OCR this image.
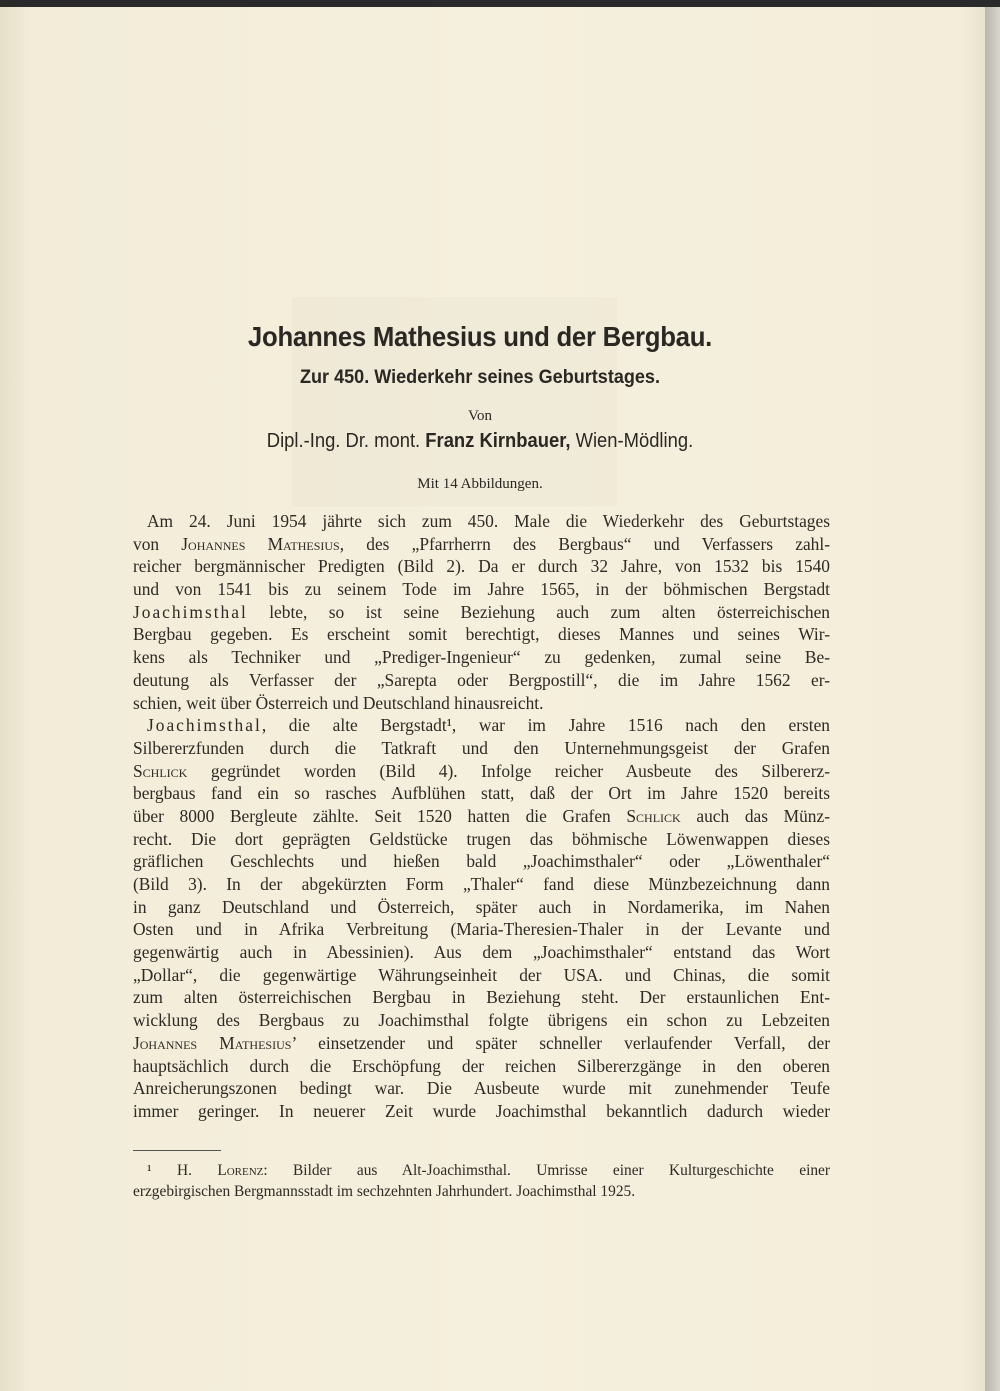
Johannes Mathesius und der Bergbau.
Zur 450. Wiederkehr seines Geburtstages.
Von
Dipl.-Ing. Dr. mont. Franz Kirnbauer, Wien-Mödling.
Mit 14 Abbildungen.
Am 24. Juni 1954 jährte sich zum 450. Male die Wiederkehr des Geburtstages
von Johannes Mathesius, des „Pfarrherrn des Bergbaus“ und Verfassers zahl-
reicher bergmännischer Predigten (Bild 2). Da er durch 32 Jahre, von 1532 bis 1540
und von 1541 bis zu seinem Tode im Jahre 1565, in der böhmischen Bergstadt
Joachimsthal lebte, so ist seine Beziehung auch zum alten österreichischen
Bergbau gegeben. Es erscheint somit berechtigt, dieses Mannes und seines Wir-
kens als Techniker und „Prediger-Ingenieur“ zu gedenken, zumal seine Be-
deutung als Verfasser der „Sarepta oder Bergpostill“, die im Jahre 1562 er-
schien, weit über Österreich und Deutschland hinausreicht.
Joachimsthal, die alte Bergstadt¹, war im Jahre 1516 nach den ersten
Silbererzfunden durch die Tatkraft und den Unternehmungsgeist der Grafen
Schlick gegründet worden (Bild 4). Infolge reicher Ausbeute des Silbererz-
bergbaus fand ein so rasches Aufblühen statt, daß der Ort im Jahre 1520 bereits
über 8000 Bergleute zählte. Seit 1520 hatten die Grafen Schlick auch das Münz-
recht. Die dort geprägten Geldstücke trugen das böhmische Löwenwappen dieses
gräflichen Geschlechts und hießen bald „Joachimsthaler“ oder „Löwenthaler“
(Bild 3). In der abgekürzten Form „Thaler“ fand diese Münzbezeichnung dann
in ganz Deutschland und Österreich, später auch in Nordamerika, im Nahen
Osten und in Afrika Verbreitung (Maria-Theresien-Thaler in der Levante und
gegenwärtig auch in Abessinien). Aus dem „Joachimsthaler“ entstand das Wort
„Dollar“, die gegenwärtige Währungseinheit der USA. und Chinas, die somit
zum alten österreichischen Bergbau in Beziehung steht. Der erstaunlichen Ent-
wicklung des Bergbaus zu Joachimsthal folgte übrigens ein schon zu Lebzeiten
Johannes Mathesius’ einsetzender und später schneller verlaufender Verfall, der
hauptsächlich durch die Erschöpfung der reichen Silbererzgänge in den oberen
Anreicherungszonen bedingt war. Die Ausbeute wurde mit zunehmender Teufe
immer geringer. In neuerer Zeit wurde Joachimsthal bekanntlich dadurch wieder
¹ H. Lorenz: Bilder aus Alt-Joachimsthal. Umrisse einer Kulturgeschichte einer
erzgebirgischen Bergmannsstadt im sechzehnten Jahrhundert. Joachimsthal 1925.
